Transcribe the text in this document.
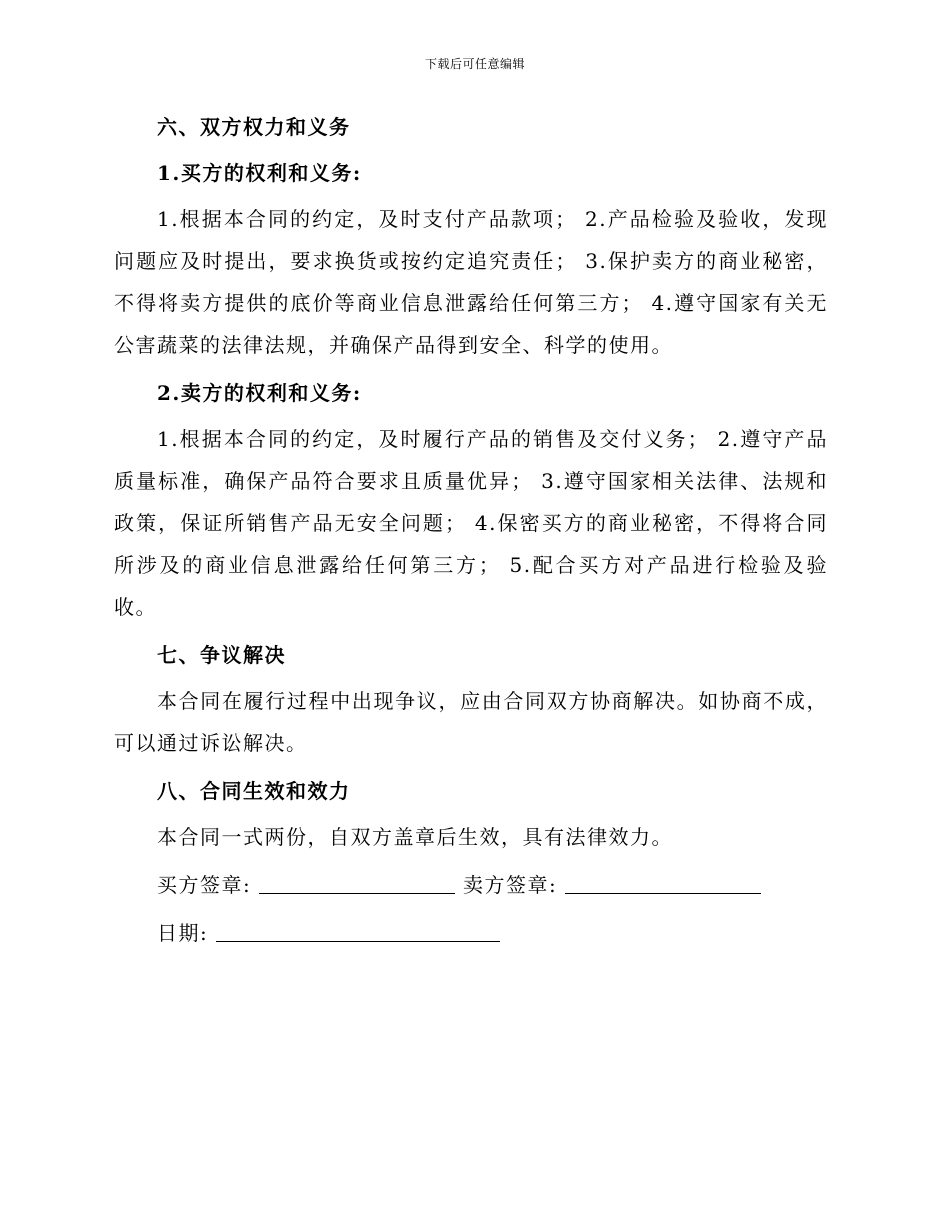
下载后可任意编辑

六、双方权力和义务

1.买方的权利和义务:

1.根据本合同的约定，及时支付产品款项； 2.产品检验及验收，发现问题应及时提出，要求换货或按约定追究责任； 3.保护卖方的商业秘密，不得将卖方提供的底价等商业信息泄露给任何第三方； 4.遵守国家有关无公害蔬菜的法律法规，并确保产品得到安全、科学的使用。

2.卖方的权利和义务:

1.根据本合同的约定，及时履行产品的销售及交付义务； 2.遵守产品质量标准，确保产品符合要求且质量优异； 3.遵守国家相关法律、法规和政策，保证所销售产品无安全问题； 4.保密买方的商业秘密，不得将合同所涉及的商业信息泄露给任何第三方； 5.配合买方对产品进行检验及验收。

七、争议解决

本合同在履行过程中出现争议，应由合同双方协商解决。如协商不成，可以通过诉讼解决。

八、合同生效和效力

本合同一式两份，自双方盖章后生效，具有法律效力。

买方签章:	卖方签章:
日期:
